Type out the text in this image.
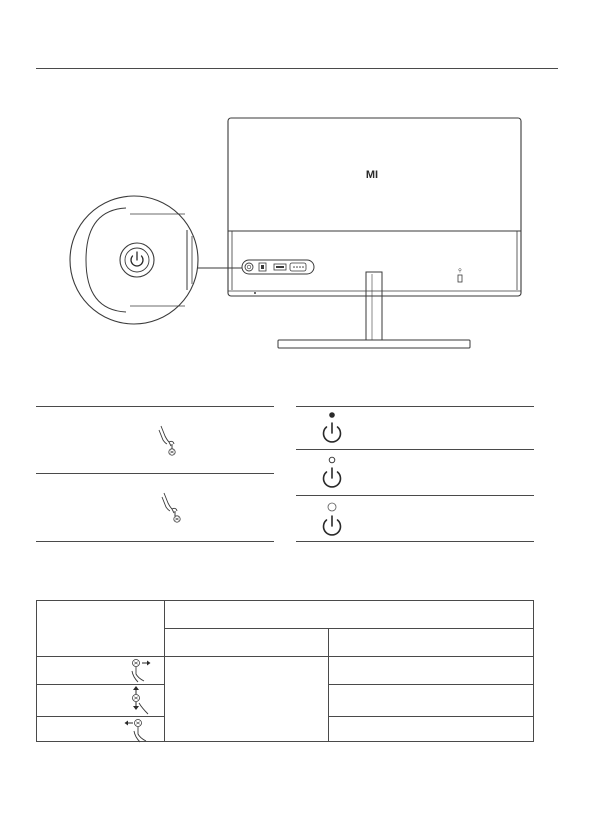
MI
⚲
